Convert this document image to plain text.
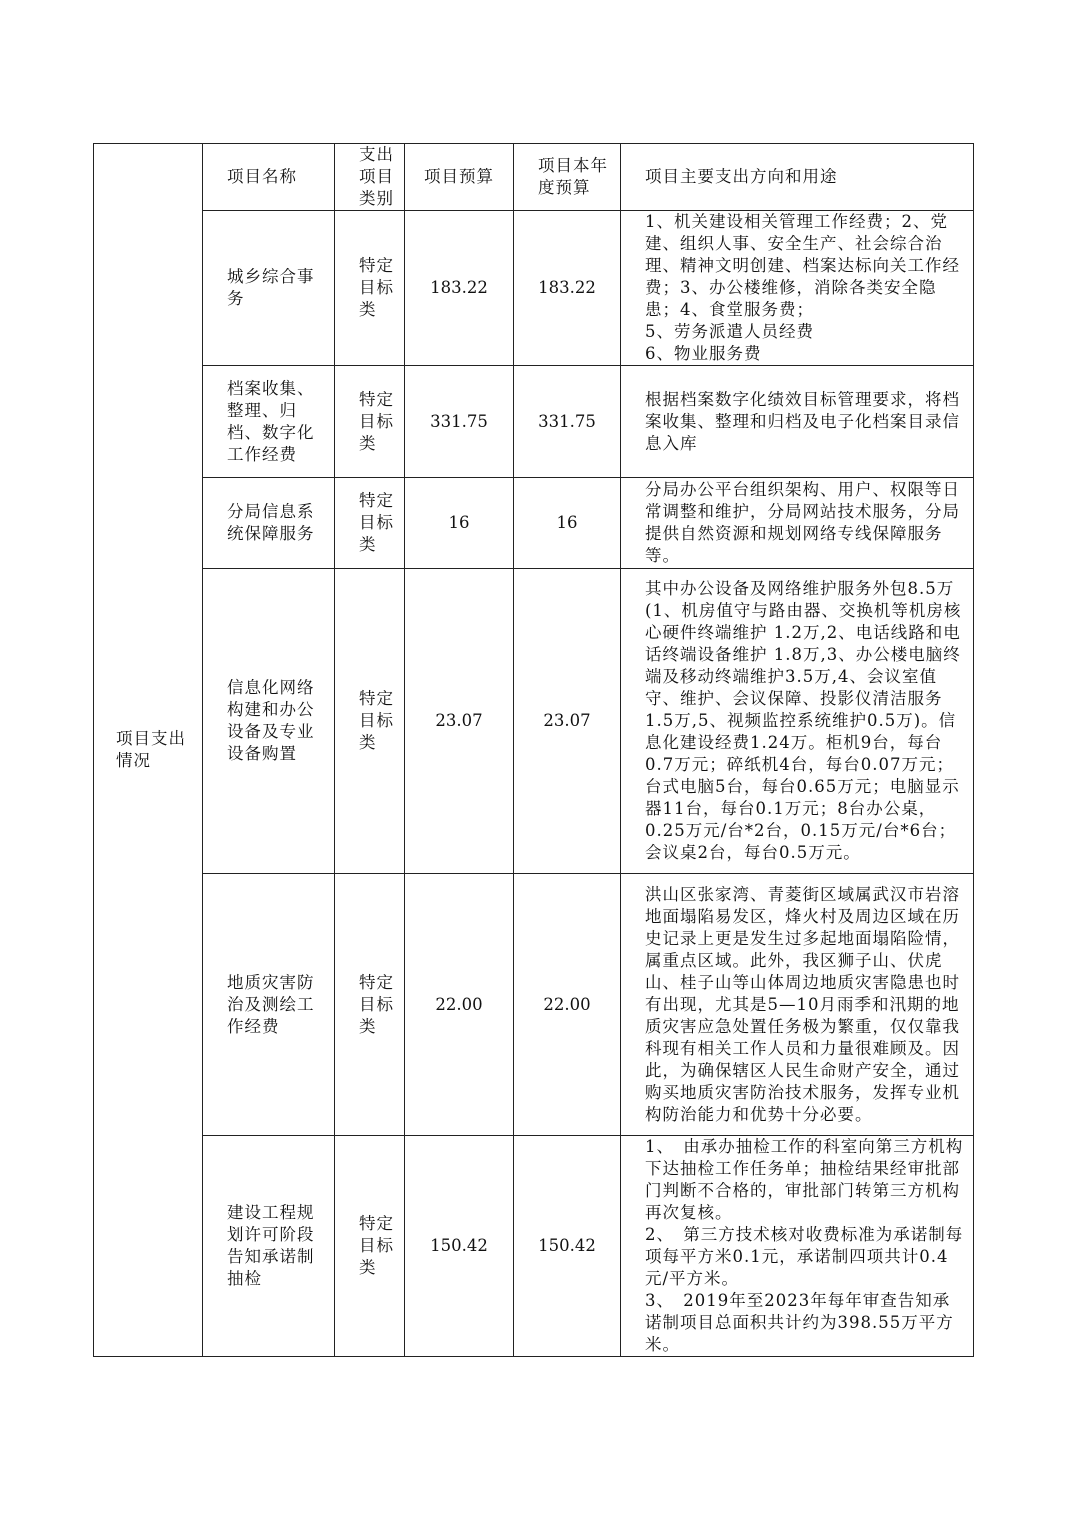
项目支出情况	项目名称	支出项目类别	项目预算	项目本年度预算	项目主要支出方向和用途
	城乡综合事务	特定目标类	183.22	183.22	1、机关建设相关管理工作经费；2、党建、组织人事、安全生产、社会综合治理、精神文明创建、档案达标向关工作经费；3、办公楼维修，消除各类安全隐患；4、食堂服务费；
5、劳务派遣人员经费
6、物业服务费

	档案收集、整理、归档、数字化工作经费	特定目标类	331.75	331.75	根据档案数字化绩效目标管理要求，将档案收集、整理和归档及电子化档案目录信息入库
	分局信息系统保障服务	特定目标类	16	16	分局办公平台组织架构、用户、权限等日常调整和维护，分局网站技术服务，分局提供自然资源和规划网络专线保障服务等。
	信息化网络构建和办公设备及专业设备购置	特定目标类	23.07	23.07	其中办公设备及网络维护服务外包8.5万(1、机房值守与路由器、交换机等机房核心硬件终端维护 1.2万,2、电话线路和电话终端设备维护 1.8万,3、办公楼电脑终端及移动终端维护3.5万,4、会议室值守、维护、会议保障、投影仪清洁服务 1.5万,5、视频监控系统维护0.5万)。信息化建设经费1.24万。柜机9台，每台0.7万元；碎纸机4台，每台0.07万元；台式电脑5台，每台0.65万元；电脑显示器11台，每台0.1万元；8台办公桌，0.25万元/台*2台，0.15万元/台*6台；会议桌2台，每台0.5万元。
	地质灾害防治及测绘工作经费	特定目标类	22.00	22.00	洪山区张家湾、青菱街区域属武汉市岩溶地面塌陷易发区，烽火村及周边区域在历史记录上更是发生过多起地面塌陷险情，属重点区域。此外，我区狮子山、伏虎山、桂子山等山体周边地质灾害隐患也时有出现，尤其是5—10月雨季和汛期的地质灾害应急处置任务极为繁重，仅仅靠我科现有相关工作人员和力量很难顾及。因此，为确保辖区人民生命财产安全，通过购买地质灾害防治技术服务，发挥专业机构防治能力和优势十分必要。
	建设工程规划许可阶段告知承诺制抽检	特定目标类	150.42	150.42	1、　由承办抽检工作的科室向第三方机构下达抽检工作任务单；抽检结果经审批部门判断不合格的，审批部门转第三方机构再次复核。
2、　第三方技术核对收费标准为承诺制每项每平方米0.1元，承诺制四项共计0.4元/平方米。
3、　2019年至2023年每年审查告知承诺制项目总面积共计约为398.55万平方米。
